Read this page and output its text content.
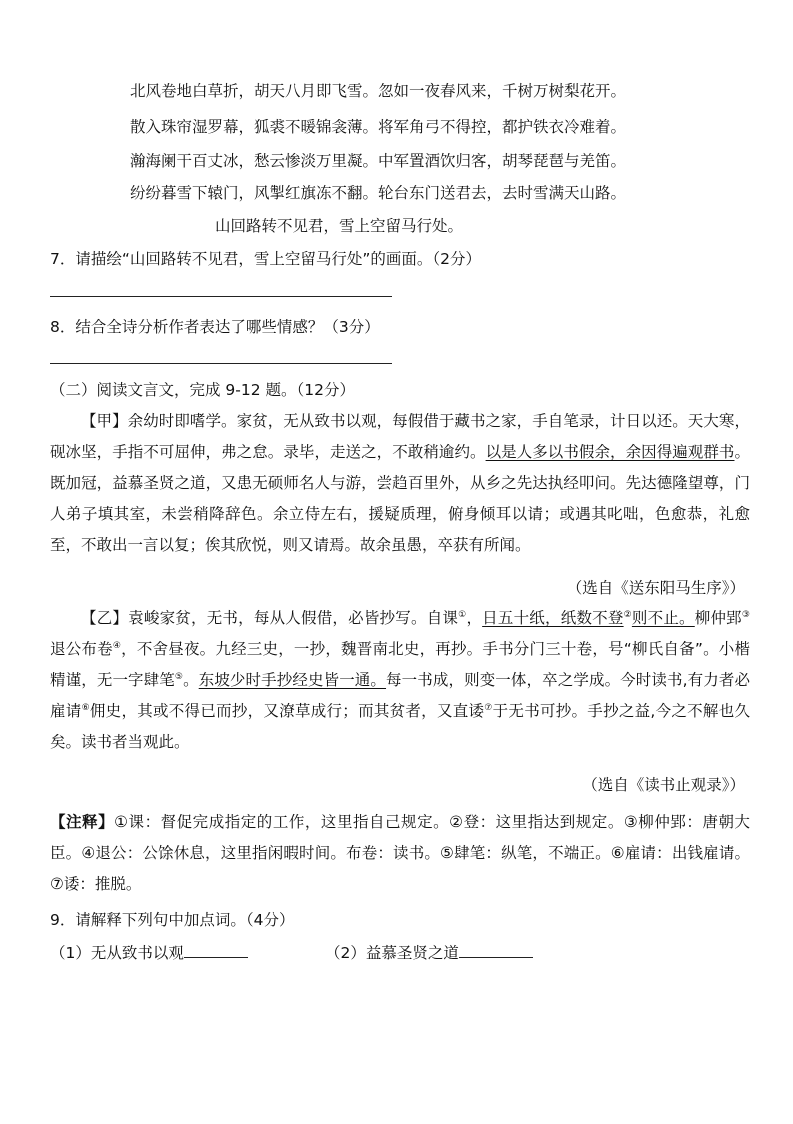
北风卷地白草折，胡天八月即飞雪。忽如一夜春风来，千树万树梨花开。
散入珠帘湿罗幕，狐裘不暖锦衾薄。将军角弓不得控，都护铁衣冷难着。
瀚海阑干百丈冰，愁云惨淡万里凝。中军置酒饮归客，胡琴琵琶与羌笛。
纷纷暮雪下辕门，风掣红旗冻不翻。轮台东门送君去，去时雪满天山路。
山回路转不见君，雪上空留马行处。
7．请描绘“山回路转不见君，雪上空留马行处”的画面。（2分）
8．结合全诗分析作者表达了哪些情感？（3分）
（二）阅读文言文，完成 9-12 题。（12分）
【甲】余幼时即嗜学。家贫，无从致书以观，每假借于藏书之家，手自笔录，计日以还。天大寒，砚冰坚，手指不可屈伸，弗之怠。录毕，走送之，不敢稍逾约。以是人多以书假余，余因得遍观群书。既加冠，益慕圣贤之道，又患无硕师名人与游，尝趋百里外，从乡之先达执经叩问。先达德隆望尊，门人弟子填其室，未尝稍降辞色。余立侍左右，援疑质理，俯身倾耳以请；或遇其叱咄，色愈恭，礼愈至，不敢出一言以复；俟其欣悦，则又请焉。故余虽愚，卒获有所闻。
（选自《送东阳马生序》）
【乙】袁峻家贫，无书，每从人假借，必皆抄写。自课①，日五十纸，纸数不登②则不止。柳仲郢③退公布卷④，不舍昼夜。九经三史，一抄，魏晋南北史，再抄。手书分门三十卷，号“柳氏自备”。小楷精谨，无一字肆笔⑤。东坡少时手抄经史皆一通。每一书成，则变一体，卒之学成。今时读书,有力者必雇请⑥佣史，其或不得已而抄，又潦草成行；而其贫者，又直诿⑦于无书可抄。手抄之益,今之不解也久矣。读书者当观此。
（选自《读书止观录》）
【注释】①课：督促完成指定的工作，这里指自己规定。②登：这里指达到规定。③柳仲郢：唐朝大臣。④退公：公馀休息，这里指闲暇时间。布卷：读书。⑤肆笔：纵笔，不端正。⑥雇请：出钱雇请。⑦诿：推脱。
9．请解释下列句中加点词。（4分）
（1）无从致书以观	（2）益慕圣贤之道
